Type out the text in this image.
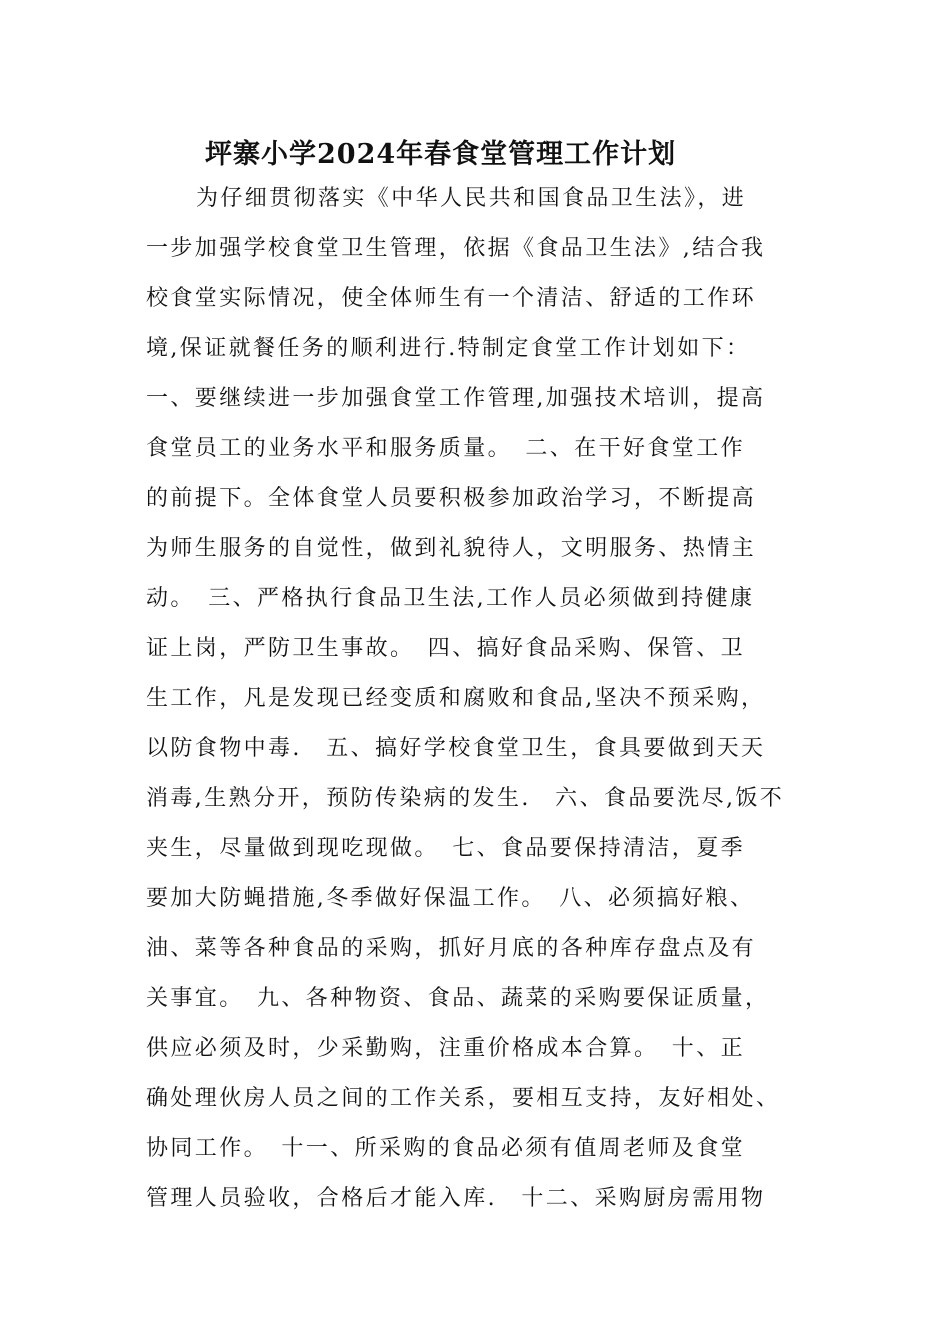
坪寨小学2024年春食堂管理工作计划
为仔细贯彻落实《中华人民共和国食品卫生法》，进
一步加强学校食堂卫生管理，依据《食品卫生法》,结合我
校食堂实际情况，使全体师生有一个清洁、舒适的工作环
境,保证就餐任务的顺利进行.特制定食堂工作计划如下：
一、要继续进一步加强食堂工作管理,加强技术培训，提高
食堂员工的业务水平和服务质量。　二、在干好食堂工作
的前提下。全体食堂人员要积极参加政治学习，不断提高
为师生服务的自觉性，做到礼貌待人，文明服务、热情主
动。　三、严格执行食品卫生法,工作人员必须做到持健康
证上岗，严防卫生事故。　四、搞好食品采购、保管、卫
生工作，凡是发现已经变质和腐败和食品,坚决不预采购，
以防食物中毒.　五、搞好学校食堂卫生，食具要做到天天
消毒,生熟分开，预防传染病的发生.　六、食品要洗尽,饭不
夹生，尽量做到现吃现做。　七、食品要保持清洁，夏季
要加大防蝇措施,冬季做好保温工作。　八、必须搞好粮、
油、菜等各种食品的采购，抓好月底的各种库存盘点及有
关事宜。　九、各种物资、食品、蔬菜的采购要保证质量，
供应必须及时，少采勤购，注重价格成本合算。　十、正
确处理伙房人员之间的工作关系，要相互支持，友好相处、
协同工作。　十一、所采购的食品必须有值周老师及食堂
管理人员验收，合格后才能入库.　十二、采购厨房需用物
